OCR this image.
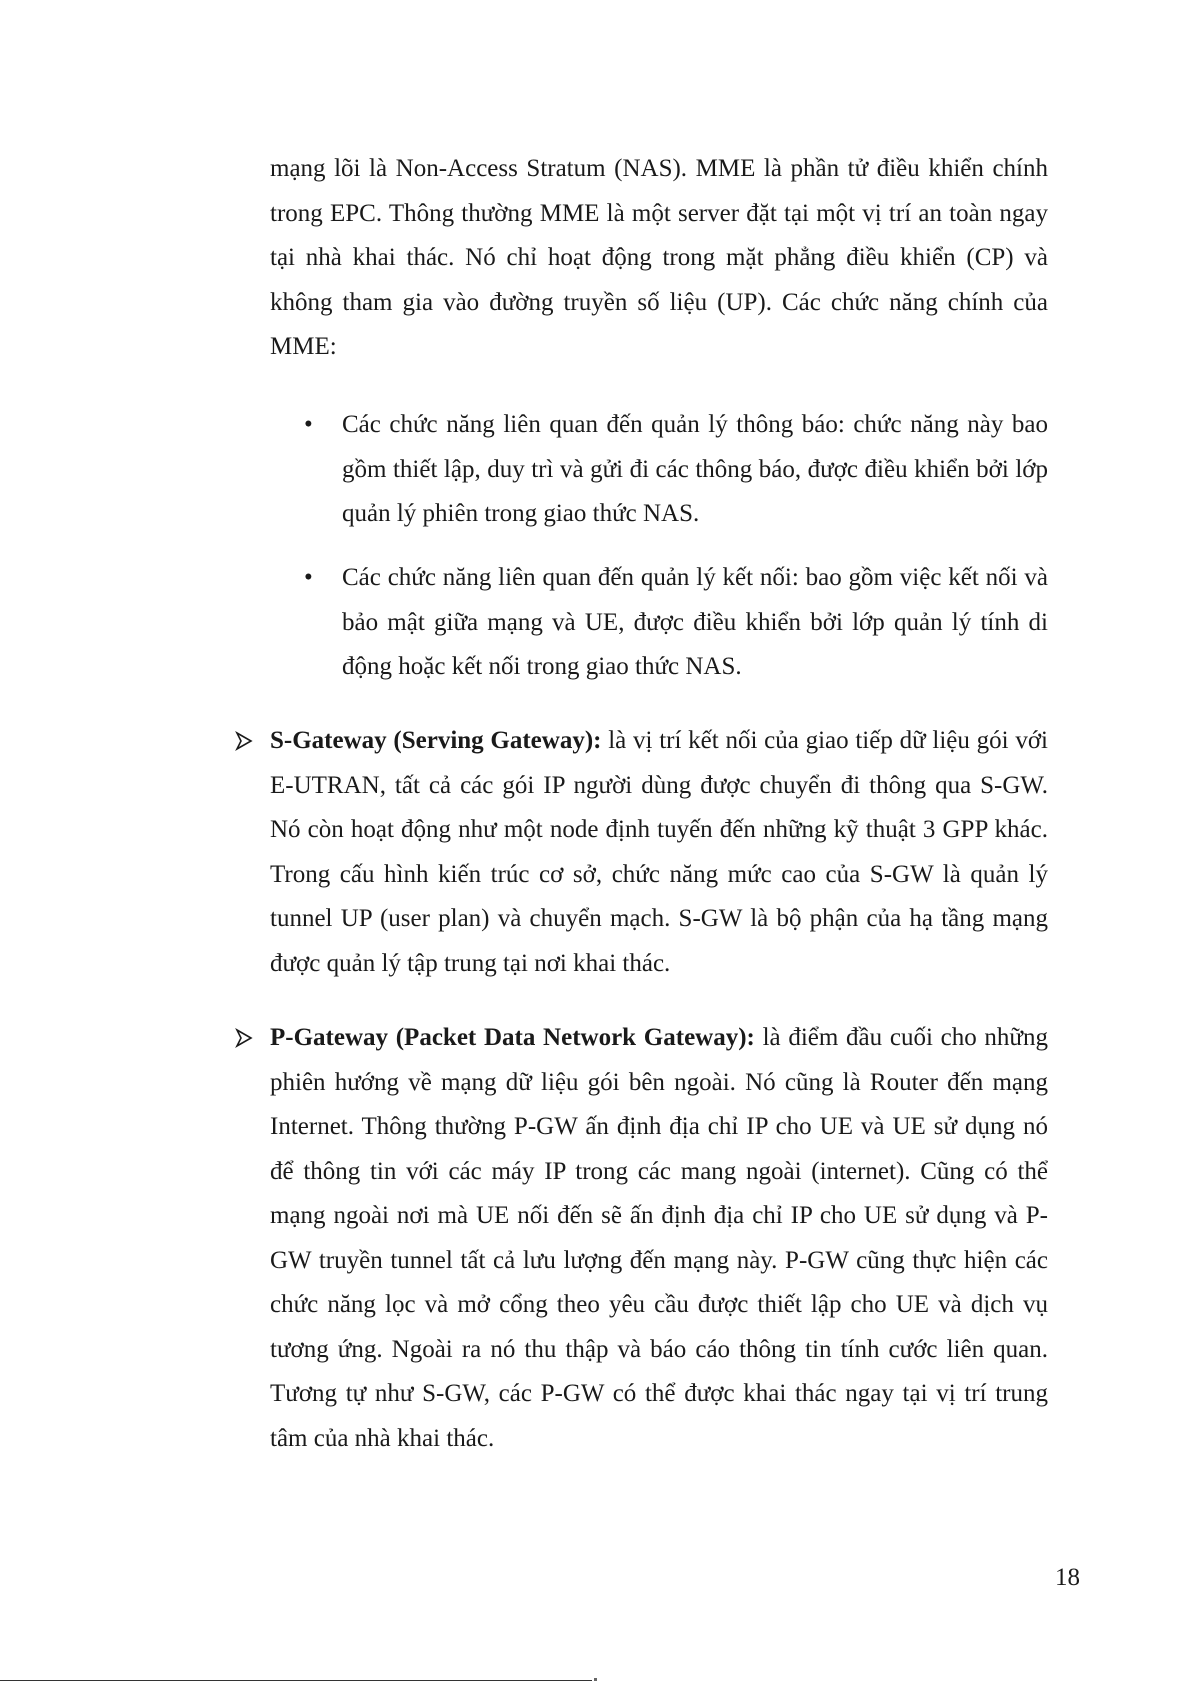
mạng lõi là Non-Access Stratum (NAS). MME là phần tử điều khiển chính trong EPC. Thông thường MME là một server đặt tại một vị trí an toàn ngay tại nhà khai thác. Nó chỉ hoạt động trong mặt phẳng điều khiển (CP) và không tham gia vào đường truyền số liệu (UP). Các chức năng chính của MME:

• Các chức năng liên quan đến quản lý thông báo: chức năng này bao gồm thiết lập, duy trì và gửi đi các thông báo, được điều khiển bởi lớp quản lý phiên trong giao thức NAS.

• Các chức năng liên quan đến quản lý kết nối: bao gồm việc kết nối và bảo mật giữa mạng và UE, được điều khiển bởi lớp quản lý tính di động hoặc kết nối trong giao thức NAS.

S-Gateway (Serving Gateway): là vị trí kết nối của giao tiếp dữ liệu gói với E-UTRAN, tất cả các gói IP người dùng được chuyển đi thông qua S-GW. Nó còn hoạt động như một node định tuyến đến những kỹ thuật 3 GPP khác. Trong cấu hình kiến trúc cơ sở, chức năng mức cao của S-GW là quản lý tunnel UP (user plan) và chuyển mạch. S-GW là bộ phận của hạ tầng mạng được quản lý tập trung tại nơi khai thác.

P-Gateway (Packet Data Network Gateway): là điểm đầu cuối cho những phiên hướng về mạng dữ liệu gói bên ngoài. Nó cũng là Router đến mạng Internet. Thông thường P-GW ấn định địa chỉ IP cho UE và UE sử dụng nó để thông tin với các máy IP trong các mang ngoài (internet). Cũng có thể mạng ngoài nơi mà UE nối đến sẽ ấn định địa chỉ IP cho UE sử dụng và P-GW truyền tunnel tất cả lưu lượng đến mạng này. P-GW cũng thực hiện các chức năng lọc và mở cổng theo yêu cầu được thiết lập cho UE và dịch vụ tương ứng. Ngoài ra nó thu thập và báo cáo thông tin tính cước liên quan. Tương tự như S-GW, các P-GW có thể được khai thác ngay tại vị trí trung tâm của nhà khai thác.

18
